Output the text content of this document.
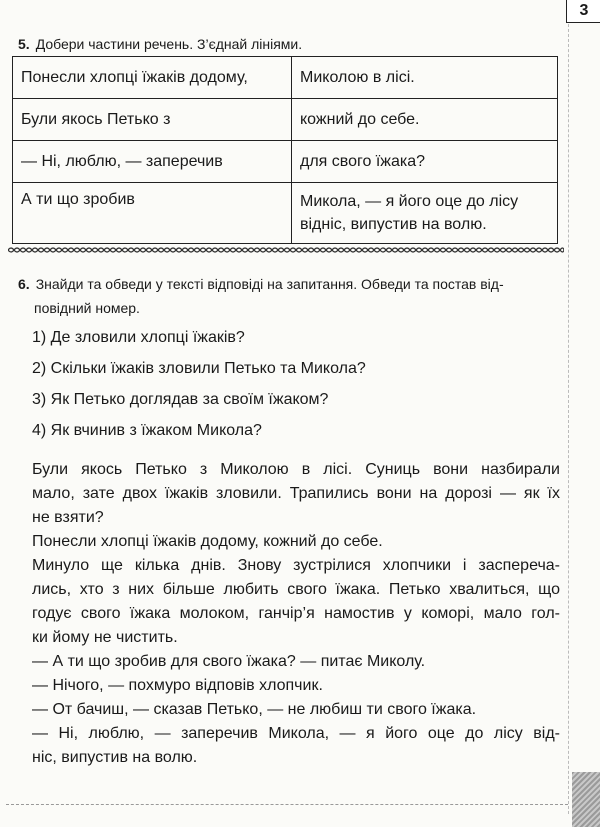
3
5. Добери частини речень. З’єднай лініями.
Понесли хлопці їжаків додому,	Миколою в лісі.
Були якось Петько з	кожний до себе.
— Ні, люблю, — заперечив	для свого їжака?
А ти що зробив	Микола, — я його оце до лісу
відніс, випустив на волю.
6. Знайди та обведи у тексті відповіді на запитання. Обведи та постав від-
повідний номер.
1) Де зловили хлопці їжаків?
2) Скільки їжаків зловили Петько та Микола?
3) Як Петько доглядав за своїм їжаком?
4) Як вчинив з їжаком Микола?
Були якось Петько з Миколою в лісі. Суниць вони назбирали
мало, зате двох їжаків зловили. Трапились вони на дорозі — як їх
не взяти?
Понесли хлопці їжаків додому, кожний до себе.
Минуло ще кілька днів. Знову зустрілися хлопчики і засперечa-
лись, хто з них більше любить свого їжака. Петько хвалиться, що
годує свого їжака молоком, ганчір’я намостив у коморі, мало гол-
ки йому не чистить.
— А ти що зробив для свого їжака? — питає Миколу.
— Нічого, — похмуро відповів хлопчик.
— От бачиш, — сказав Петько, — не любиш ти свого їжака.
— Ні, люблю, — заперечив Микола, — я його оце до лісу від-
ніс, випустив на волю.
